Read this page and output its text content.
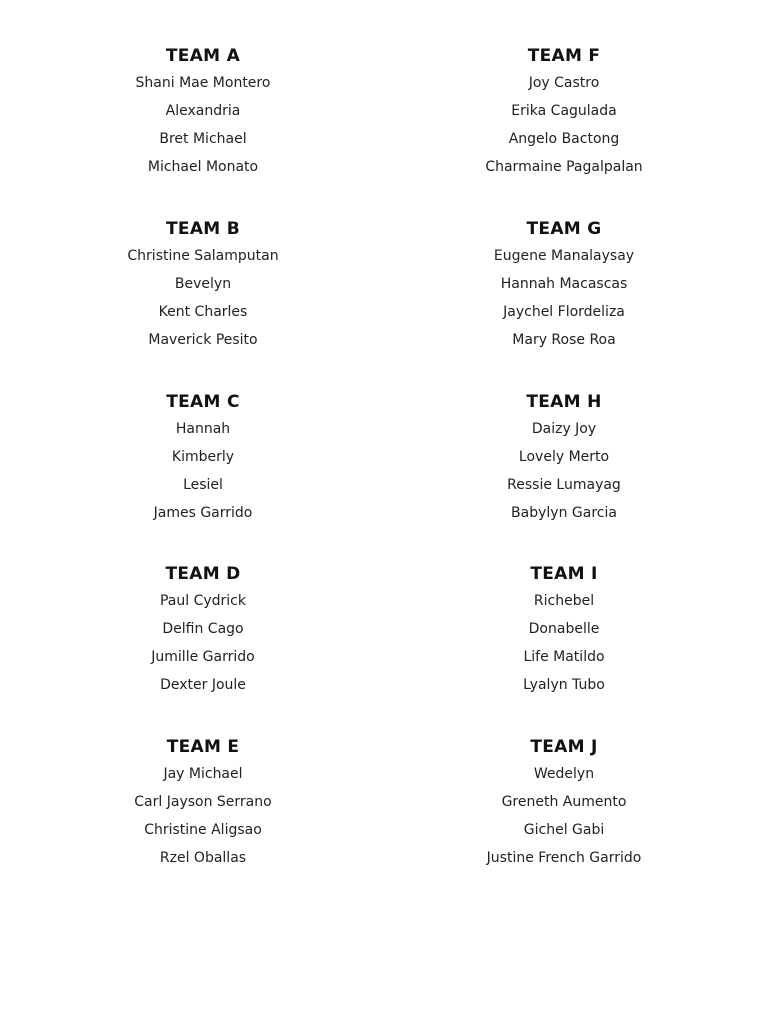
TEAM A
Shani Mae Montero
Alexandria
Bret Michael
Michael Monato
TEAM B
Christine Salamputan
Bevelyn
Kent Charles
Maverick Pesito
TEAM C
Hannah
Kimberly
Lesiel
James Garrido
TEAM D
Paul Cydrick
Delfin Cago
Jumille Garrido
Dexter Joule
TEAM E
Jay Michael
Carl Jayson Serrano
Christine Aligsao
Rzel Oballas
TEAM F
Joy Castro
Erika Cagulada
Angelo Bactong
Charmaine Pagalpalan
TEAM G
Eugene Manalaysay
Hannah Macascas
Jaychel Flordeliza
Mary Rose Roa
TEAM H
Daizy Joy
Lovely Merto
Ressie Lumayag
Babylyn Garcia
TEAM I
Richebel
Donabelle
Life Matildo
Lyalyn Tubo
TEAM J
Wedelyn
Greneth Aumento
Gichel Gabi
Justine French Garrido
